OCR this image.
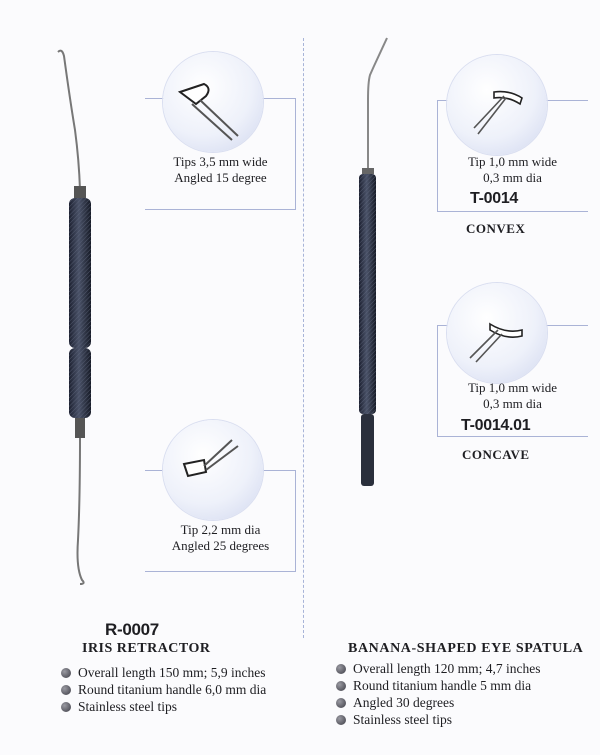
Tips 3,5 mm wide
Angled 15 degree
Tip 2,2 mm dia
Angled 25 degrees
Tip 1,0 mm wide
0,3 mm dia
T-0014
CONVEX
Tip 1,0 mm wide
0,3 mm dia
T-0014.01
CONCAVE
R-0007
IRIS RETRACTOR
Overall length 150 mm; 5,9 inches
Round titanium handle 6,0 mm dia
Stainless steel tips
BANANA-SHAPED EYE SPATULA
Overall length 120 mm; 4,7 inches
Round titanium handle 5 mm dia
Angled 30 degrees
Stainless steel tips
